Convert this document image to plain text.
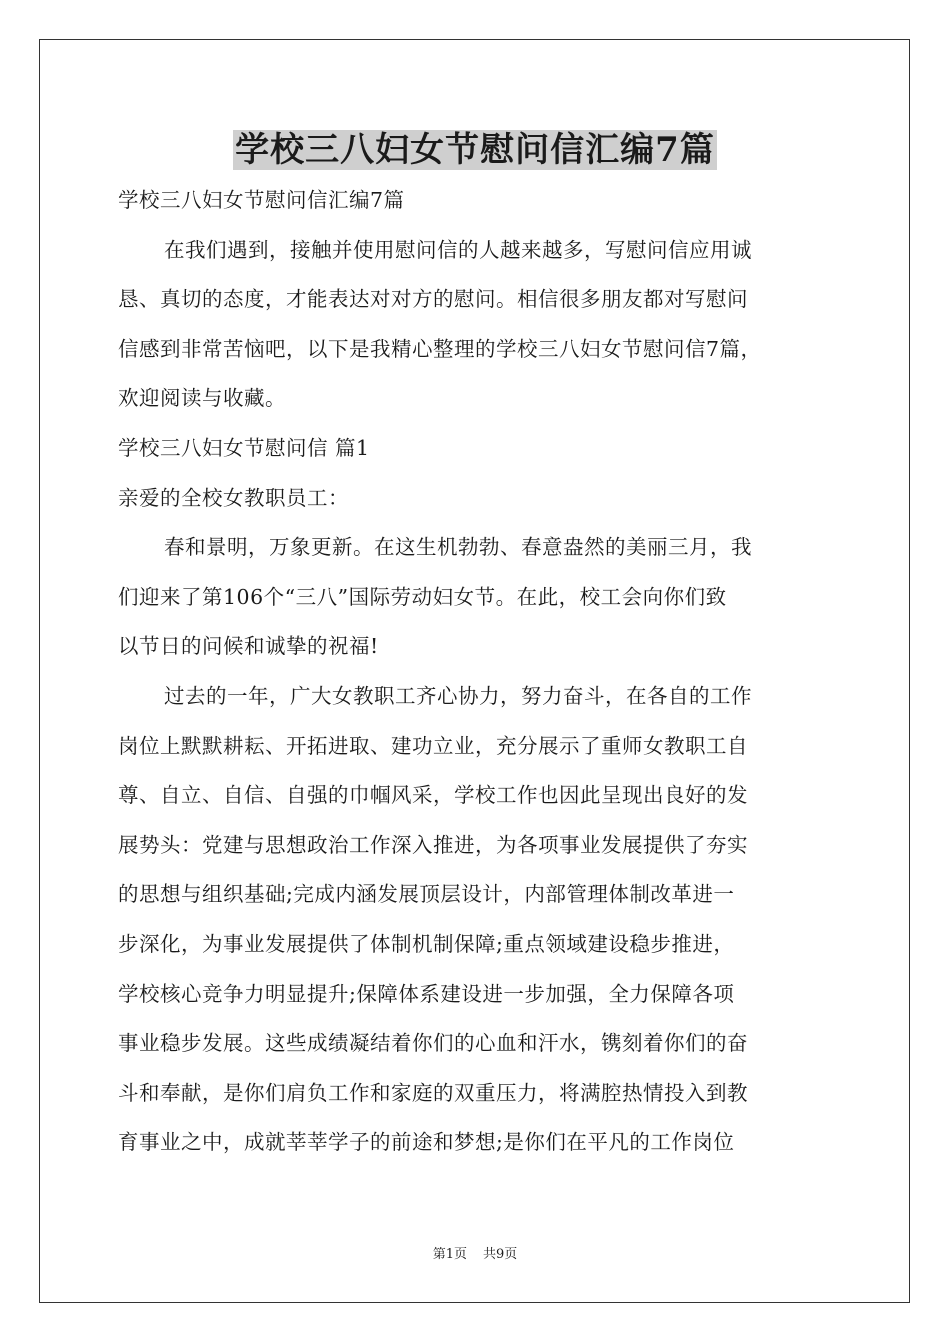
学校三八妇女节慰问信汇编7篇

学校三八妇女节慰问信汇编7篇

在我们遇到，接触并使用慰问信的人越来越多，写慰问信应用诚

恳、真切的态度，才能表达对对方的慰问。相信很多朋友都对写慰问

信感到非常苦恼吧，以下是我精心整理的学校三八妇女节慰问信7篇，

欢迎阅读与收藏。

学校三八妇女节慰问信 篇1

亲爱的全校女教职员工：

春和景明，万象更新。在这生机勃勃、春意盎然的美丽三月，我

们迎来了第106个“三八”国际劳动妇女节。在此，校工会向你们致

以节日的问候和诚挚的祝福!

过去的一年，广大女教职工齐心协力，努力奋斗，在各自的工作

岗位上默默耕耘、开拓进取、建功立业，充分展示了重师女教职工自

尊、自立、自信、自强的巾帼风采，学校工作也因此呈现出良好的发

展势头：党建与思想政治工作深入推进，为各项事业发展提供了夯实

的思想与组织基础;完成内涵发展顶层设计，内部管理体制改革进一

步深化，为事业发展提供了体制机制保障;重点领域建设稳步推进，

学校核心竞争力明显提升;保障体系建设进一步加强，全力保障各项

事业稳步发展。这些成绩凝结着你们的心血和汗水，镌刻着你们的奋

斗和奉献，是你们肩负工作和家庭的双重压力，将满腔热情投入到教

育事业之中，成就莘莘学子的前途和梦想;是你们在平凡的工作岗位

第1页 共9页
